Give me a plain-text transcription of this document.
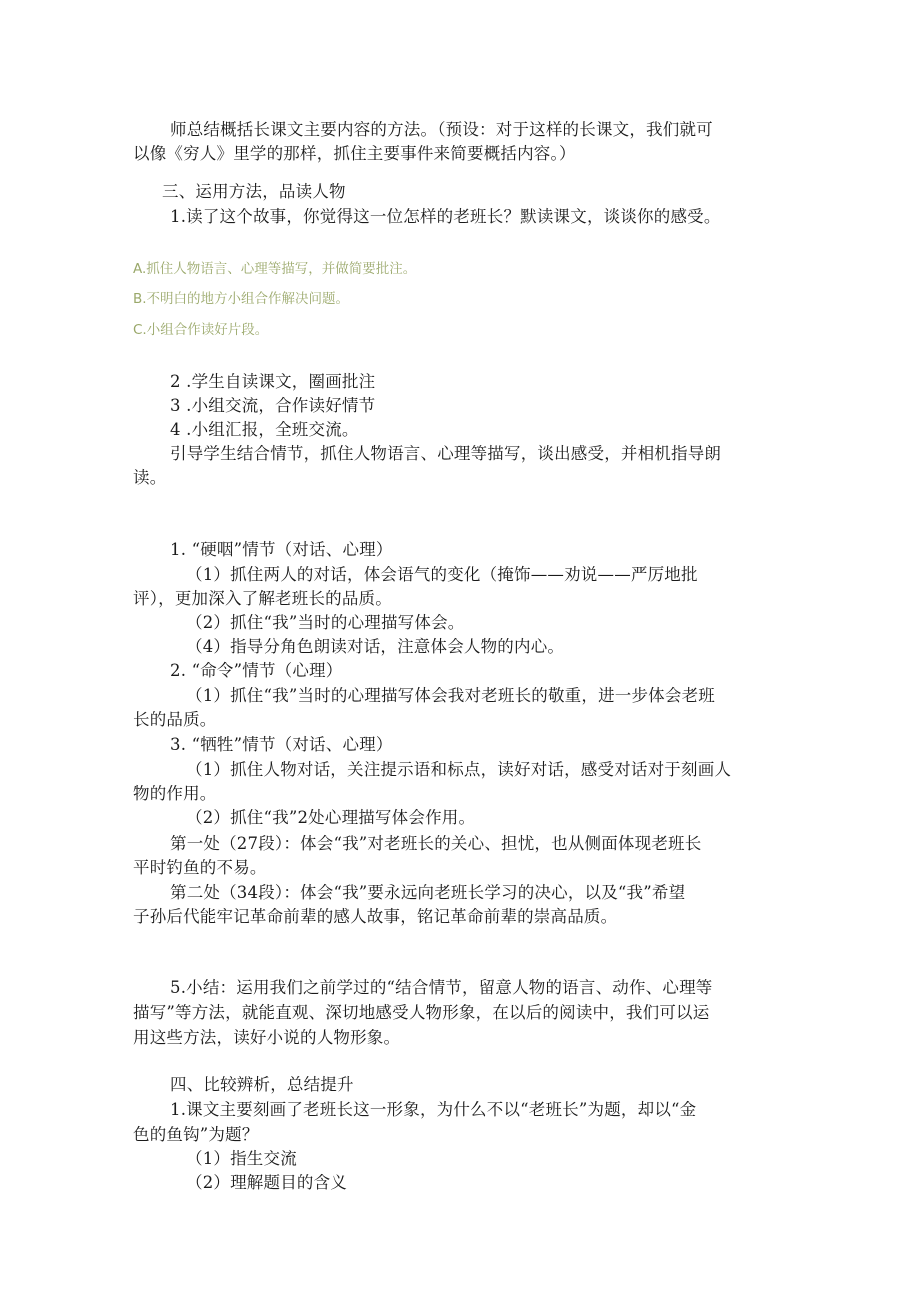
师总结概括长课文主要内容的方法。（预设：对于这样的长课文，我们就可

以像《穷人》里学的那样，抓住主要事件来简要概括内容。）

三、运用方法，品读人物

1.读了这个故事，你觉得这一位怎样的老班长？默读课文，谈谈你的感受。

A.抓住人物语言、心理等描写，并做简要批注。

B.不明白的地方小组合作解决问题。

C.小组合作读好片段。

2 .学生自读课文，圈画批注

3 .小组交流，合作读好情节

4 .小组汇报，全班交流。

引导学生结合情节，抓住人物语言、心理等描写，谈出感受，并相机指导朗

读。

1. “硬咽”情节（对话、心理）

（1）抓住两人的对话，体会语气的变化（掩饰——劝说——严厉地批

评），更加深入了解老班长的品质。

（2）抓住“我”当时的心理描写体会。

（4）指导分角色朗读对话，注意体会人物的内心。

2. “命令”情节（心理）

（1）抓住“我”当时的心理描写体会我对老班长的敬重，进一步体会老班

长的品质。

3. “牺牲”情节（对话、心理）

（1）抓住人物对话，关注提示语和标点，读好对话，感受对话对于刻画人

物的作用。

（2）抓住“我”2处心理描写体会作用。

第一处（27段）：体会“我”对老班长的关心、担忧，也从侧面体现老班长

平时钓鱼的不易。

第二处（34段）：体会“我”要永远向老班长学习的决心，以及“我”希望

子孙后代能牢记革命前辈的感人故事，铭记革命前辈的崇高品质。

5.小结：运用我们之前学过的“结合情节，留意人物的语言、动作、心理等

描写”等方法，就能直观、深切地感受人物形象，在以后的阅读中，我们可以运

用这些方法，读好小说的人物形象。

四、比较辨析，总结提升

1.课文主要刻画了老班长这一形象，为什么不以“老班长”为题，却以“金

色的鱼钩”为题？

（1）指生交流

（2）理解题目的含义
